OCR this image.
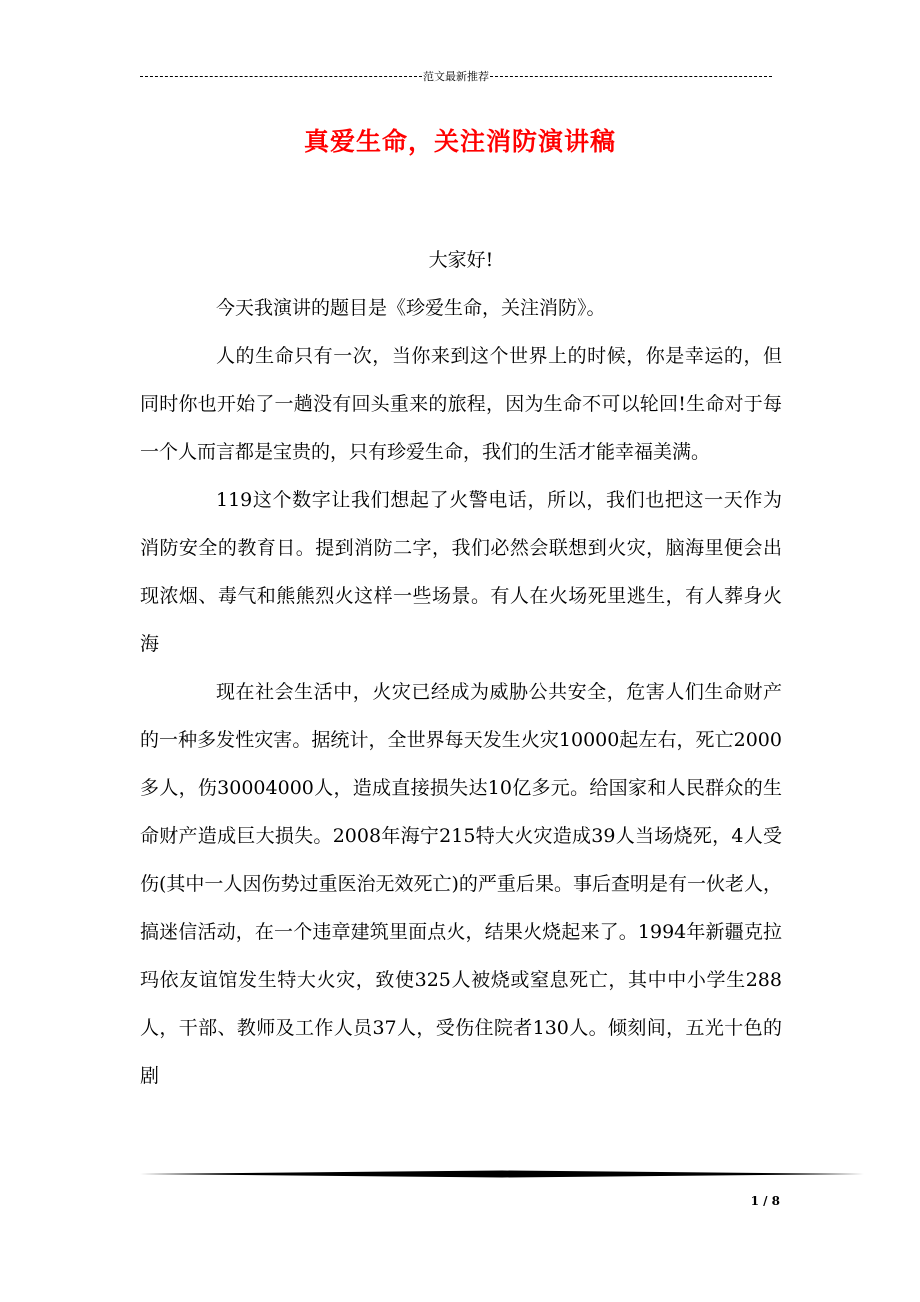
范文最新推荐
真爱生命，关注消防演讲稿

大家好!

今天我演讲的题目是《珍爱生命，关注消防》。

人的生命只有一次，当你来到这个世界上的时候，你是幸运的，但同时你也开始了一趟没有回头重来的旅程，因为生命不可以轮回!生命对于每一个人而言都是宝贵的，只有珍爱生命，我们的生活才能幸福美满。

119这个数字让我们想起了火警电话，所以，我们也把这一天作为消防安全的教育日。提到消防二字，我们必然会联想到火灾，脑海里便会出现浓烟、毒气和熊熊烈火这样一些场景。有人在火场死里逃生，有人葬身火海

现在社会生活中，火灾已经成为威胁公共安全，危害人们生命财产的一种多发性灾害。据统计，全世界每天发生火灾10000起左右，死亡2000多人，伤30004000人，造成直接损失达10亿多元。给国家和人民群众的生命财产造成巨大损失。2008年海宁215特大火灾造成39人当场烧死，4人受伤(其中一人因伤势过重医治无效死亡)的严重后果。事后查明是有一伙老人，搞迷信活动，在一个违章建筑里面点火，结果火烧起来了。1994年新疆克拉玛依友谊馆发生特大火灾，致使325人被烧或窒息死亡，其中中小学生288人，干部、教师及工作人员37人，受伤住院者130人。倾刻间，五光十色的剧

1 / 8
